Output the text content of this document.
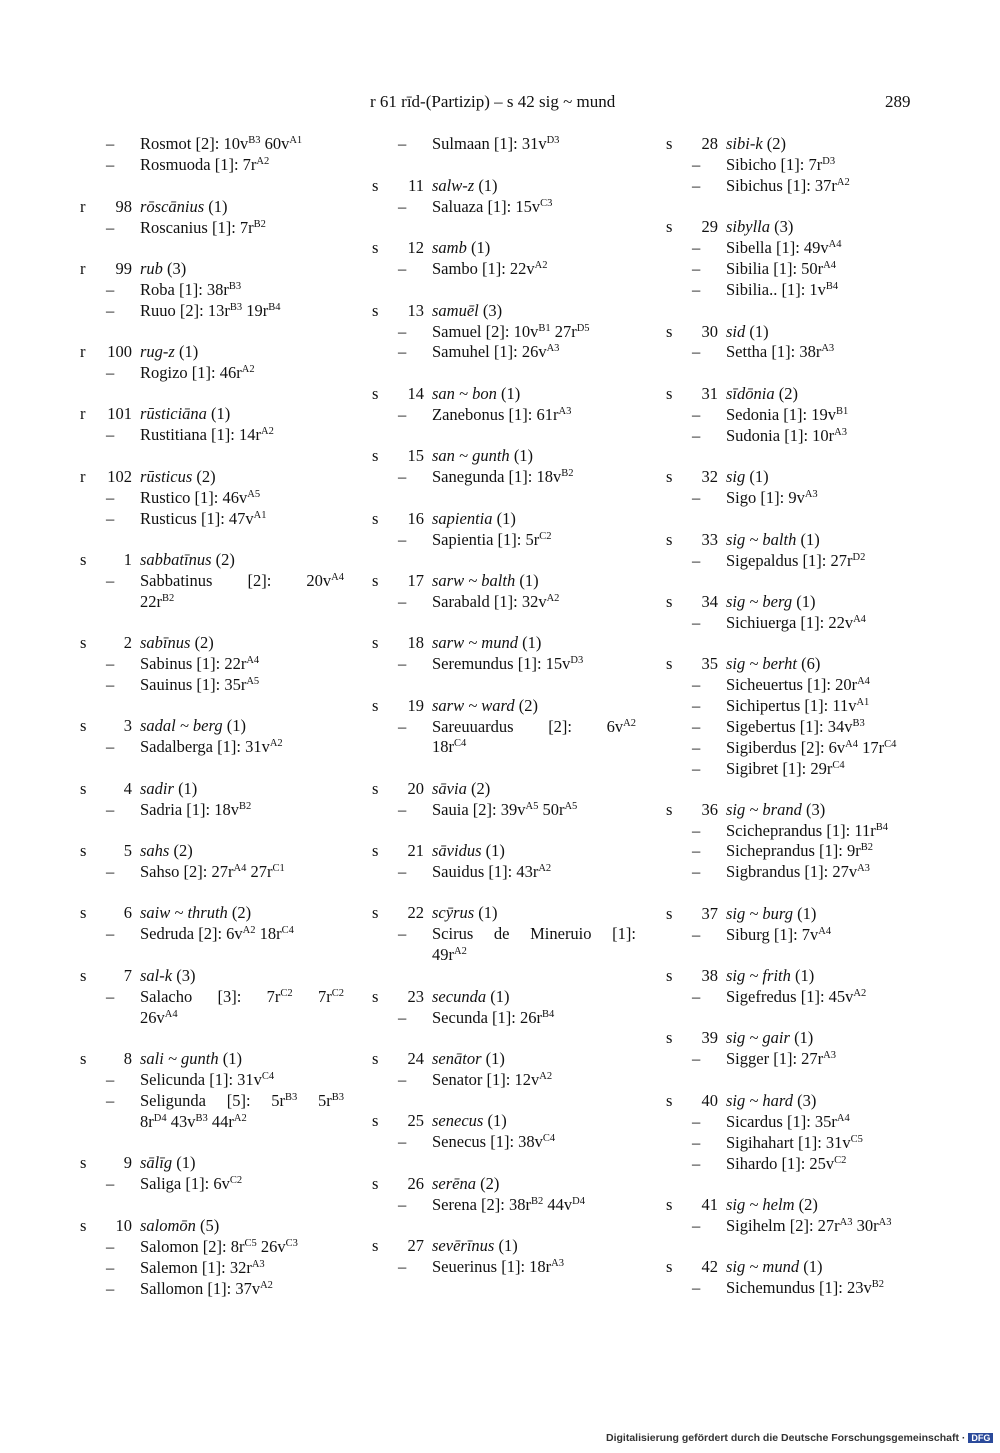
r 61 rīd-(Partizip) – s 42 sig ~ mund	289
–	Rosmot [2]: $10v^{B3}$ $60v^{A1}$
–	Rosmuoda [1]: $7r^{A2}$
r	98 rōscānius (1)
–	Roscanius [1]: $7r^{B2}$
r	99 rub (3)
–	Roba [1]: $38r^{B3}$
–	Ruuo [2]: $13r^{B3}$ $19r^{B4}$
r	100 rug-z (1)
–	Rogizo [1]: $46r^{A2}$
r	101 rūsticiāna (1)
–	Rustitiana [1]: $14r^{A2}$
r	102 rūsticus (2)
–	Rustico [1]: $46v^{A5}$
–	Rusticus [1]: $47v^{A1}$
s	1 sabbatīnus (2)
–	Sabbatinus [2]: $20v^{A4}$
$22r^{B2}$
s	2 sabīnus (2)
–	Sabinus [1]: $22r^{A4}$
–	Sauinus [1]: $35r^{A5}$
s	3 sadal ~ berg (1)
–	Sadalberga [1]: $31v^{A2}$
s	4 sadir (1)
–	Sadria [1]: $18v^{B2}$
s	5 sahs (2)
–	Sahso [2]: $27r^{A4}$ $27r^{C1}$
s	6 saiw ~ thruth (2)
–	Sedruda [2]: $6v^{A2}$ $18r^{C4}$
s	7 sal-k (3)
–	Salacho [3]: $7r^{C2}$ $7r^{C2}$
$26v^{A4}$
s	8 sali ~ gunth (1)
–	Selicunda [1]: $31v^{C4}$
–	Seligunda [5]: $5r^{B3}$ $5r^{B3}$
$8r^{D4}$ $43v^{B3}$ $44r^{A2}$
s	9 sālīg (1)
–	Saliga [1]: $6v^{C2}$
s	10 salomōn (5)
–	Salomon [2]: $8r^{C5}$ $26v^{C3}$
–	Salemon [1]: $32r^{A3}$
–	Sallomon [1]: $37v^{A2}$
–	Sulmaan [1]: $31v^{D3}$
s	11 salw-z (1)
–	Saluaza [1]: $15v^{C3}$
s	12 samb (1)
–	Sambo [1]: $22v^{A2}$
s	13 samuēl (3)
–	Samuel [2]: $10v^{B1}$ $27r^{D5}$
–	Samuhel [1]: $26v^{A3}$
s	14 san ~ bon (1)
–	Zanebonus [1]: $61r^{A3}$
s	15 san ~ gunth (1)
–	Sanegunda [1]: $18v^{B2}$
s	16 sapientia (1)
–	Sapientia [1]: $5r^{C2}$
s	17 sarw ~ balth (1)
–	Sarabald [1]: $32v^{A2}$
s	18 sarw ~ mund (1)
–	Seremundus [1]: $15v^{D3}$
s	19 sarw ~ ward (2)
–	Sareuuardus [2]: $6v^{A2}$
$18r^{C4}$
s	20 sāvia (2)
–	Sauia [2]: $39v^{A5}$ $50r^{A5}$
s	21 sāvidus (1)
–	Sauidus [1]: $43r^{A2}$
s	22 scȳrus (1)
–	Scirus de Mineruio [1]:
$49r^{A2}$
s	23 secunda (1)
–	Secunda [1]: $26r^{B4}$
s	24 senātor (1)
–	Senator [1]: $12v^{A2}$
s	25 senecus (1)
–	Senecus [1]: $38v^{C4}$
s	26 serēna (2)
–	Serena [2]: $38r^{B2}$ $44v^{D4}$
s	27 sevērīnus (1)
–	Seuerinus [1]: $18r^{A3}$
s	28 sibi-k (2)
–	Sibicho [1]: $7r^{D3}$
–	Sibichus [1]: $37r^{A2}$
s	29 sibylla (3)
–	Sibella [1]: $49v^{A4}$
–	Sibilia [1]: $50r^{A4}$
–	Sibilia.. [1]: $1v^{B4}$
s	30 sid (1)
–	Settha [1]: $38r^{A3}$
s	31 sīdōnia (2)
–	Sedonia [1]: $19v^{B1}$
–	Sudonia [1]: $10r^{A3}$
s	32 sig (1)
–	Sigo [1]: $9v^{A3}$
s	33 sig ~ balth (1)
–	Sigepaldus [1]: $27r^{D2}$
s	34 sig ~ berg (1)
–	Sichiuerga [1]: $22v^{A4}$
s	35 sig ~ berht (6)
–	Sicheuertus [1]: $20r^{A4}$
–	Sichipertus [1]: $11v^{A1}$
–	Sigebertus [1]: $34v^{B3}$
–	Sigiberdus [2]: $6v^{A4}$ $17r^{C4}$
–	Sigibret [1]: $29r^{C4}$
s	36 sig ~ brand (3)
–	Scicheprandus [1]: $11r^{B4}$
–	Sicheprandus [1]: $9r^{B2}$
–	Sigbrandus [1]: $27v^{A3}$
s	37 sig ~ burg (1)
–	Siburg [1]: $7v^{A4}$
s	38 sig ~ frith (1)
–	Sigefredus [1]: $45v^{A2}$
s	39 sig ~ gair (1)
–	Sigger [1]: $27r^{A3}$
s	40 sig ~ hard (3)
–	Sicardus [1]: $35r^{A4}$
–	Sigihahart [1]: $31v^{C5}$
–	Sihardo [1]: $25v^{C2}$
s	41 sig ~ helm (2)
–	Sigihelm [2]: $27r^{A3}$ $30r^{A3}$
s	42 sig ~ mund (1)
–	Sichemundus [1]: $23v^{B2}$
Digitalisierung gefördert durch die Deutsche Forschungsgemeinschaft · DFG
